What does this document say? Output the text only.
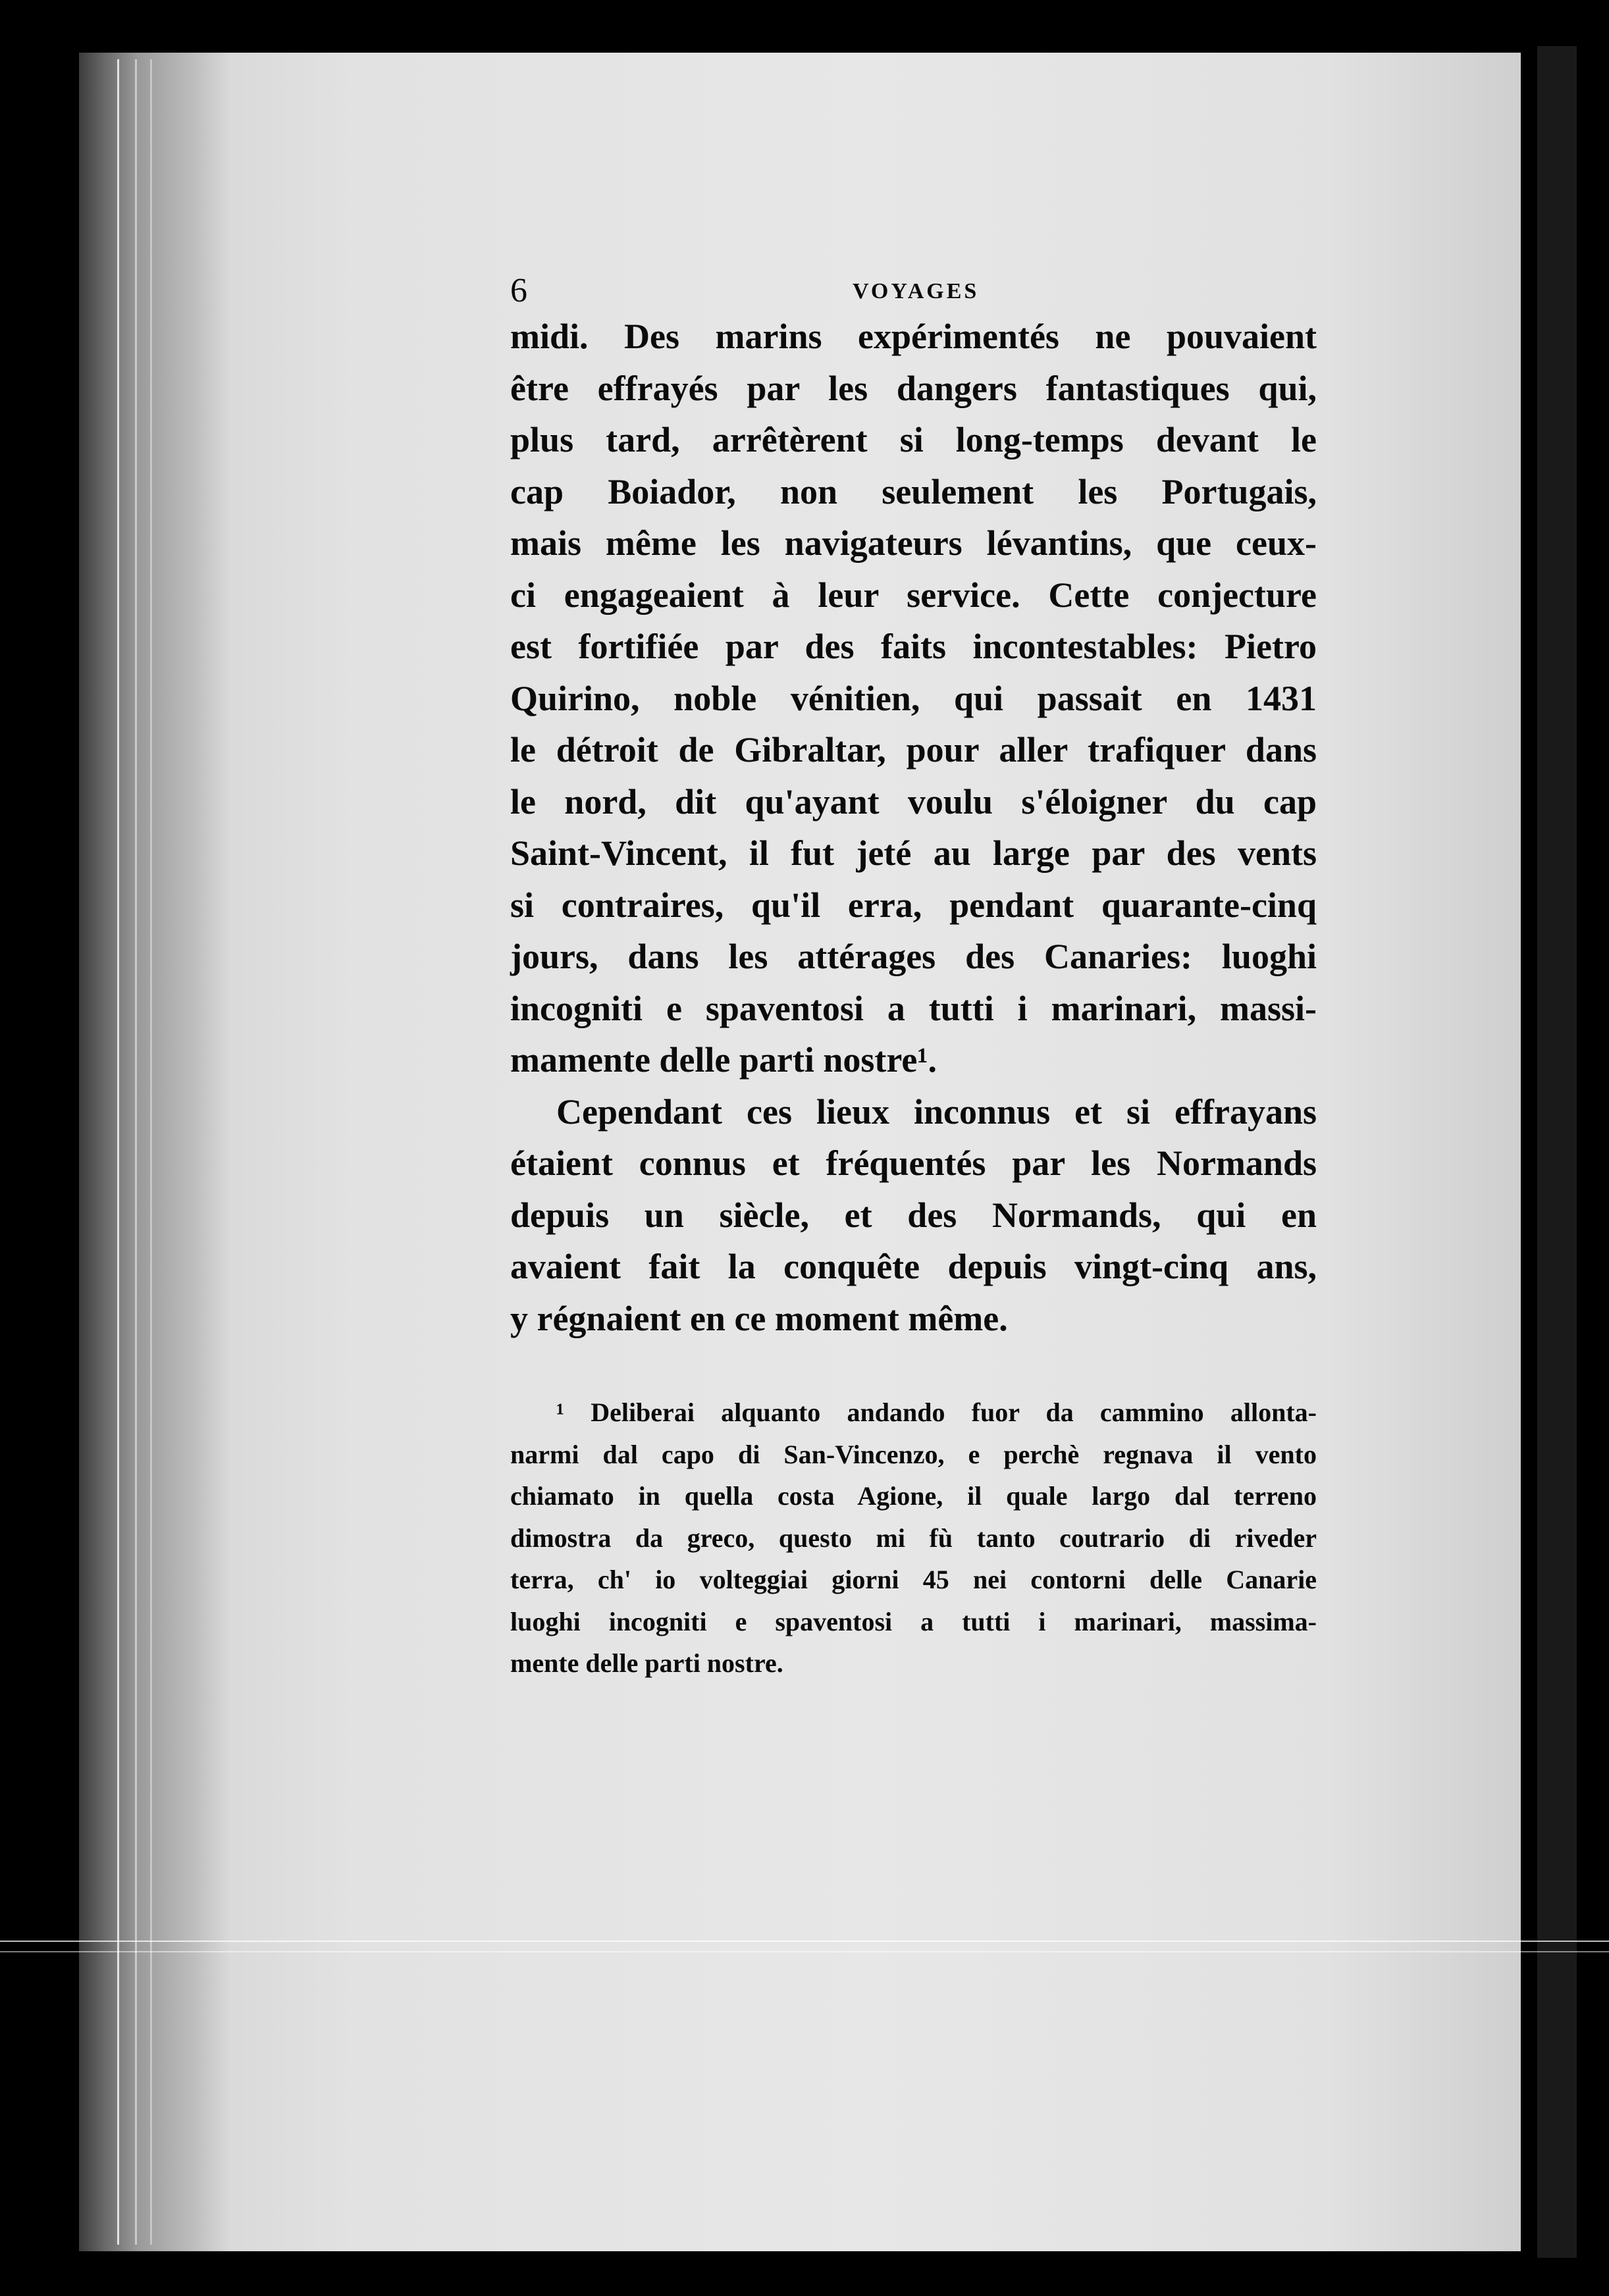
6	VOYAGES
midi. Des marins expérimentés ne pouvaient
être effrayés par les dangers fantastiques qui,
plus tard, arrêtèrent si long-temps devant le
cap Boiador, non seulement les Portugais,
mais même les navigateurs lévantins, que ceux-
ci engageaient à leur service. Cette conjecture
est fortifiée par des faits incontestables: Pietro
Quirino, noble vénitien, qui passait en 1431
le détroit de Gibraltar, pour aller trafiquer dans
le nord, dit qu'ayant voulu s'éloigner du cap
Saint-Vincent, il fut jeté au large par des vents
si contraires, qu'il erra, pendant quarante-cinq
jours, dans les attérages des Canaries: luoghi
incogniti e spaventosi a tutti i marinari, massi-
mamente delle parti nostre¹.
Cependant ces lieux inconnus et si effrayans
étaient connus et fréquentés par les Normands
depuis un siècle, et des Normands, qui en
avaient fait la conquête depuis vingt-cinq ans,
y régnaient en ce moment même.
¹ Deliberai alquanto andando fuor da cammino allonta-
narmi dal capo di San-Vincenzo, e perchè regnava il vento
chiamato in quella costa Agione, il quale largo dal terreno
dimostra da greco, questo mi fù tanto coutrario di riveder
terra, ch' io volteggiai giorni 45 nei contorni delle Canarie
luoghi incogniti e spaventosi a tutti i marinari, massima-
mente delle parti nostre.
